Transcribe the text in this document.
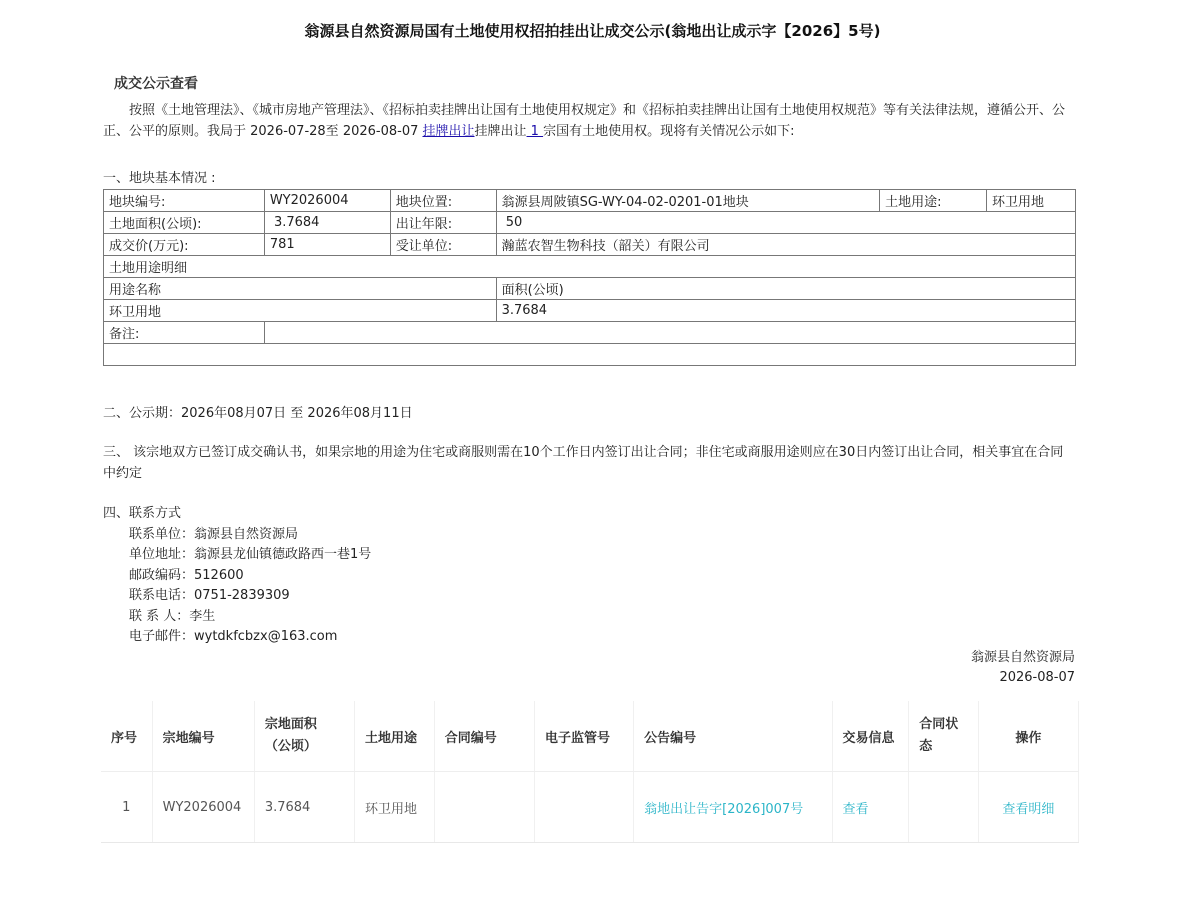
翁源县自然资源局国有土地使用权招拍挂出让成交公示(翁地出让成示字【2026】5号)
成交公示查看
按照《土地管理法》、《城市房地产管理法》、《招标拍卖挂牌出让国有土地使用权规定》和《招标拍卖挂牌出让国有土地使用权规范》等有关法律法规，遵循公开、公正、公平的原则。我局于 2026-07-28至 2026-08-07 挂牌出让挂牌出让 1 宗国有土地使用权。现将有关情况公示如下:
一、地块基本情况 :
地块编号:	WY2026004	地块位置:	翁源县周陂镇SG-WY-04-02-0201-01地块	土地用途:	环卫用地
土地面积(公顷):	3.7684	出让年限:	50		
成交价(万元):	781	受让单位:	瀚蓝农智生物科技（韶关）有限公司		
土地用途明细					
用途名称			面积(公顷)		
环卫用地			3.7684		
备注:					

二、公示期：2026年08月07日 至 2026年08月11日
三、 该宗地双方已签订成交确认书，如果宗地的用途为住宅或商服则需在10个工作日内签订出让合同；非住宅或商服用途则应在30日内签订出让合同，相关事宜在合同中约定
四、联系方式
联系单位：翁源县自然资源局
单位地址：翁源县龙仙镇德政路西一巷1号
邮政编码：512600
联系电话：0751-2839309
联 系 人：李生
电子邮件：wytdkfcbzx@163.com
翁源县自然资源局
2026-08-07
序号	宗地编号	宗地面积
（公顷）	土地用途	合同编号	电子监管号	公告编号	交易信息	合同状
态	操作
1	WY2026004	3.7684	环卫用地			翁地出让告字[2026]007号	查看		查看明细
